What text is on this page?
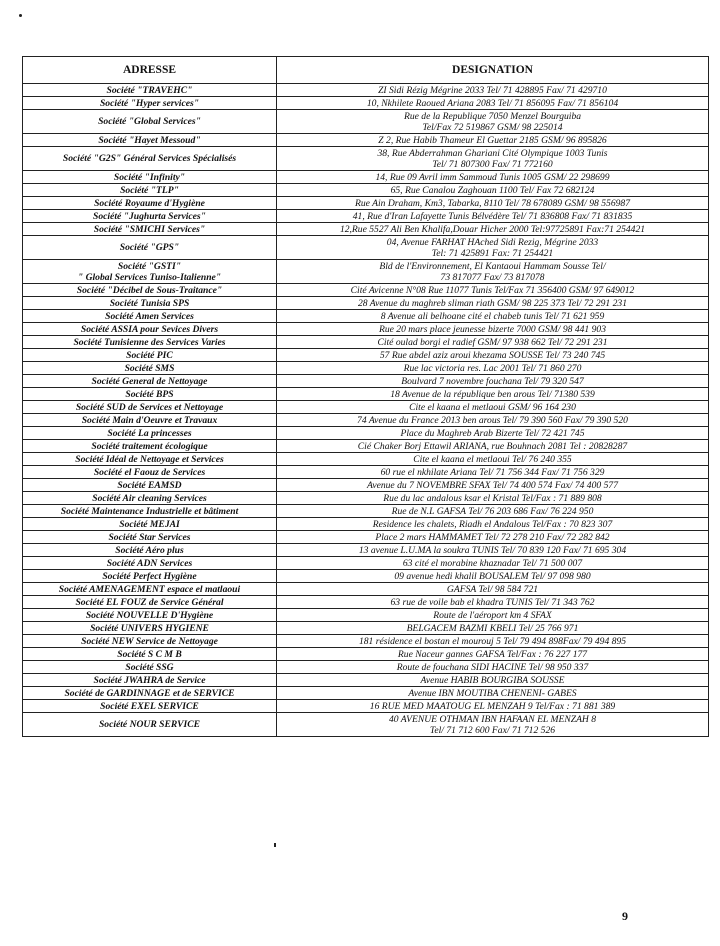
ADRESSE	DESIGNATION

Société "TRAVEHC"	ZI Sidi Rézig Mégrine 2033 Tel/ 71 428895 Fax/ 71 429710

Société "Hyper services"	10, Nkhilete Raoued Ariana 2083 Tel/ 71 856095 Fax/ 71 856104

Société "Global Services"	Rue de la Republique 7050 Menzel Bourguiba
Tel/Fax 72 519867 GSM/ 98 225014

Société "Hayet Messoud"	Z 2, Rue Habib Thameur El Guettar 2185 GSM/ 96 895826

Société "G2S" Général Services Spécialisés	38, Rue Abderrahman Ghariani Cité Olympique 1003 Tunis
Tel/ 71 807300 Fax/ 71 772160

Société "Infinity"	14, Rue 09 Avril imm Sammoud Tunis 1005 GSM/ 22 298699

Société "TLP"	65, Rue Canalou Zaghouan 1100 Tel/ Fax 72 682124

Société Royaume d'Hygiène	Rue Ain Draham, Km3, Tabarka, 8110 Tel/ 78 678089 GSM/ 98 556987

Société "Jughurta Services"	41, Rue d'Iran Lafayette Tunis Bélvédère Tel/ 71 836808 Fax/ 71 831835

Société "SMICHI Services"	12,Rue 5527 Ali Ben Khalifa,Douar Hicher 2000 Tel:97725891 Fax:71 254421

Société "GPS"	04, Avenue FARHAT HAched Sidi Rezig, Mégrine 2033
Tel: 71 425891 Fax: 71 254421

Société "GSTI"
" Global Services Tuniso-Italienne"	Bld de l'Environnement, El Kantaoui Hammam Sousse Tel/
73 817077 Fax/ 73 817078

Société "Décibel de Sous-Traitance"	Cité Avicenne N°08 Rue 11077 Tunis Tel/Fax 71 356400 GSM/ 97 649012

Société Tunisia SPS	28 Avenue du maghreb sliman riath GSM/ 98 225 373 Tel/ 72 291 231

Société Amen Services	8 Avenue ali belhoane cité el chabeb tunis Tel/ 71 621 959

Société ASSIA pour Sevices Divers	Rue 20 mars place jeunesse bizerte 7000 GSM/ 98 441 903

Société Tunisienne des Services Varies	Cité oulad borgi el radief GSM/ 97 938 662 Tel/ 72 291 231

Société PIC	57 Rue abdel aziz aroui khezama SOUSSE Tel/ 73 240 745

Société SMS	Rue lac victoria res. Lac 2001 Tel/ 71 860 270

Société General de Nettoyage	Boulvard 7 novembre fouchana Tel/ 79 320 547

Société BPS	18 Avenue de la république ben arous Tel/ 71380 539

Société SUD de Services et Nettoyage	Cite el kaana el metlaoui GSM/ 96 164 230

Société Main d'Oeuvre et Travaux	74 Avenue du France 2013 ben arous Tel/ 79 390 560 Fax/ 79 390 520

Société La princesses	Place du Maghreb Arab Bizerte Tel/ 72 421 745

Société traitement écologique	Cié Chaker Borj Ettawil ARIANA, rue Bouhnach 2081 Tel : 20828287

Société Idéal de Nettoyage et Services	Cite el kaana el metlaoui Tel/ 76 240 355

Société el Faouz de Services	60 rue el nkhilate Ariana Tel/ 71 756 344 Fax/ 71 756 329

Société EAMSD	Avenue du 7 NOVEMBRE SFAX Tel/ 74 400 574 Fax/ 74 400 577

Société Air cleaning Services	Rue du lac andalous ksar el Kristal Tel/Fax : 71 889 808

Société Maintenance Industrielle et bâtiment	Rue de N.L GAFSA Tel/ 76 203 686 Fax/ 76 224 950

Société MEJAI	Residence les chalets, Riadh el Andalous Tel/Fax : 70 823 307

Société Star Services	Place 2 mars HAMMAMET Tel/ 72 278 210 Fax/ 72 282 842

Société Aéro plus	13 avenue L.U.MA la soukra TUNIS Tel/ 70 839 120 Fax/ 71 695 304

Société ADN Services	63 cité el morabine khaznadar Tel/ 71 500 007

Société Perfect Hygiène	09 avenue hedi khalil BOUSALEM Tel/ 97 098 980

Société AMENAGEMENT espace el matlaoui	GAFSA Tel/ 98 584 721

Société EL FOUZ de Service Général	63 rue de voile bab el khadra TUNIS Tel/ 71 343 762

Société NOUVELLE D'Hygiène	Route de l'aéroport km 4 SFAX

Société UNIVERS HYGIENE	BELGACEM BAZMI KBELI Tel/ 25 766 971

Société NEW Service de Nettoyage	181 résidence el bostan el mourouj 5 Tel/ 79 494 898Fax/ 79 494 895

Société S C M B	Rue Naceur gannes GAFSA Tel/Fax : 76 227 177

Société SSG	Route de fouchana SIDI HACINE Tel/ 98 950 337

Société JWAHRA de Service	Avenue HABIB BOURGIBA SOUSSE

Société de GARDINNAGE et de SERVICE	Avenue IBN MOUTIBA CHENENI- GABES

Société EXEL SERVICE	16 RUE MED MAATOUG EL MENZAH 9 Tel/Fax : 71 881 389

Société NOUR SERVICE	40 AVENUE OTHMAN IBN HAFAAN EL MENZAH 8
Tel/ 71 712 600 Fax/ 71 712 526
9
